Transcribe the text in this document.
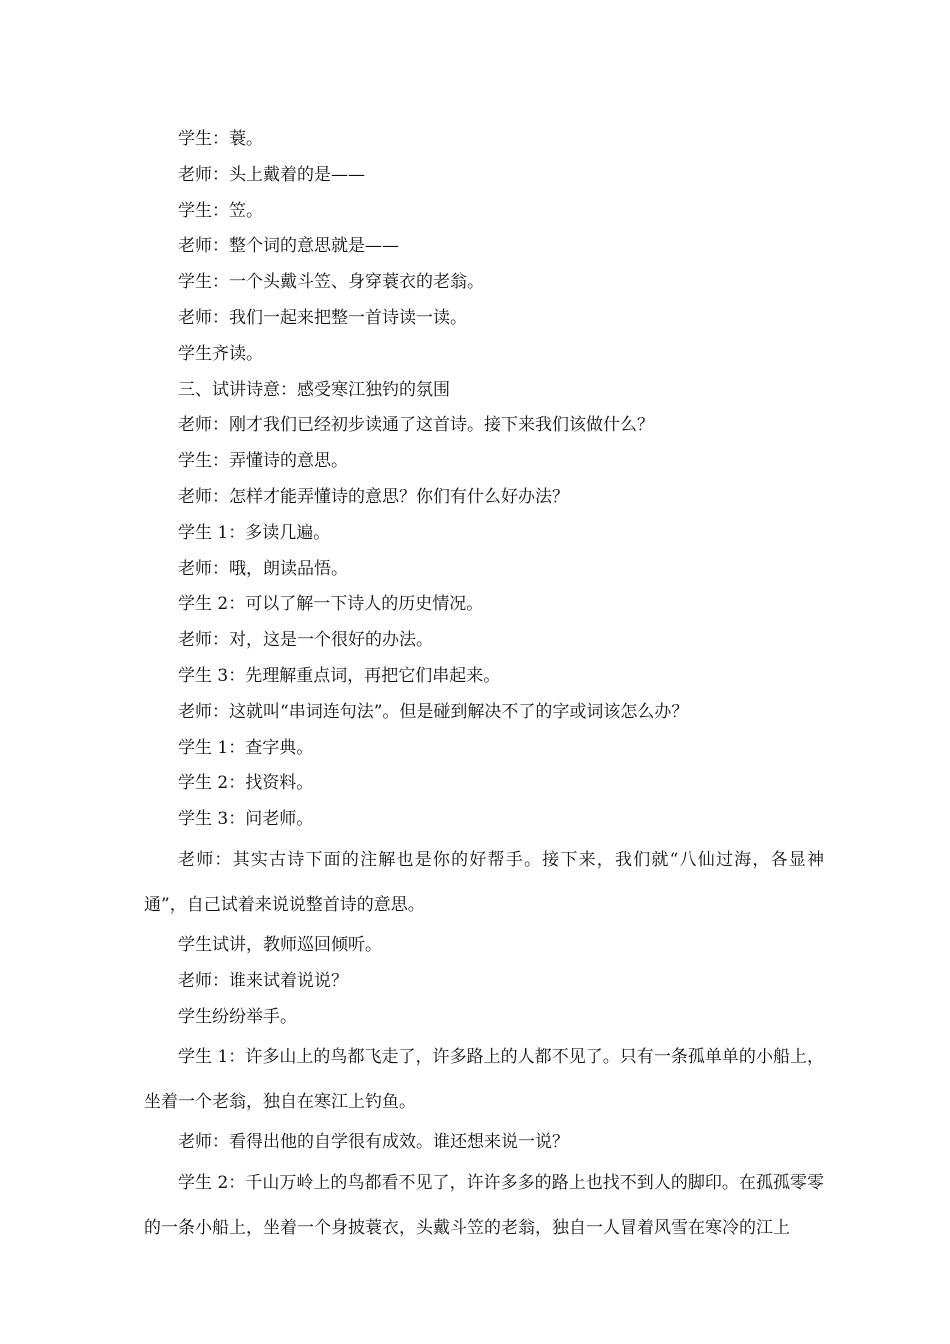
学生：蓑。

老师：头上戴着的是——

学生：笠。

老师：整个词的意思就是——

学生：一个头戴斗笠、身穿蓑衣的老翁。

老师：我们一起来把整一首诗读一读。

学生齐读。

三、试讲诗意：感受寒江独钓的氛围

老师：刚才我们已经初步读通了这首诗。接下来我们该做什么？

学生：弄懂诗的意思。

老师：怎样才能弄懂诗的意思？你们有什么好办法？

学生 1：多读几遍。

老师：哦，朗读品悟。

学生 2：可以了解一下诗人的历史情况。

老师：对，这是一个很好的办法。

学生 3：先理解重点词，再把它们串起来。

老师：这就叫“串词连句法”。但是碰到解决不了的字或词该怎么办？

学生 1：查字典。

学生 2：找资料。

学生 3：问老师。

老师：其实古诗下面的注解也是你的好帮手。接下来，我们就“八仙过海，各显神通”，自己试着来说说整首诗的意思。

学生试讲，教师巡回倾听。

老师：谁来试着说说？

学生纷纷举手。

学生 1：许多山上的鸟都飞走了，许多路上的人都不见了。只有一条孤单单的小船上，坐着一个老翁，独自在寒江上钓鱼。

老师：看得出他的自学很有成效。谁还想来说一说？

学生 2：千山万岭上的鸟都看不见了，许许多多的路上也找不到人的脚印。在孤孤零零的一条小船上，坐着一个身披蓑衣，头戴斗笠的老翁，独自一人冒着风雪在寒冷的江上
